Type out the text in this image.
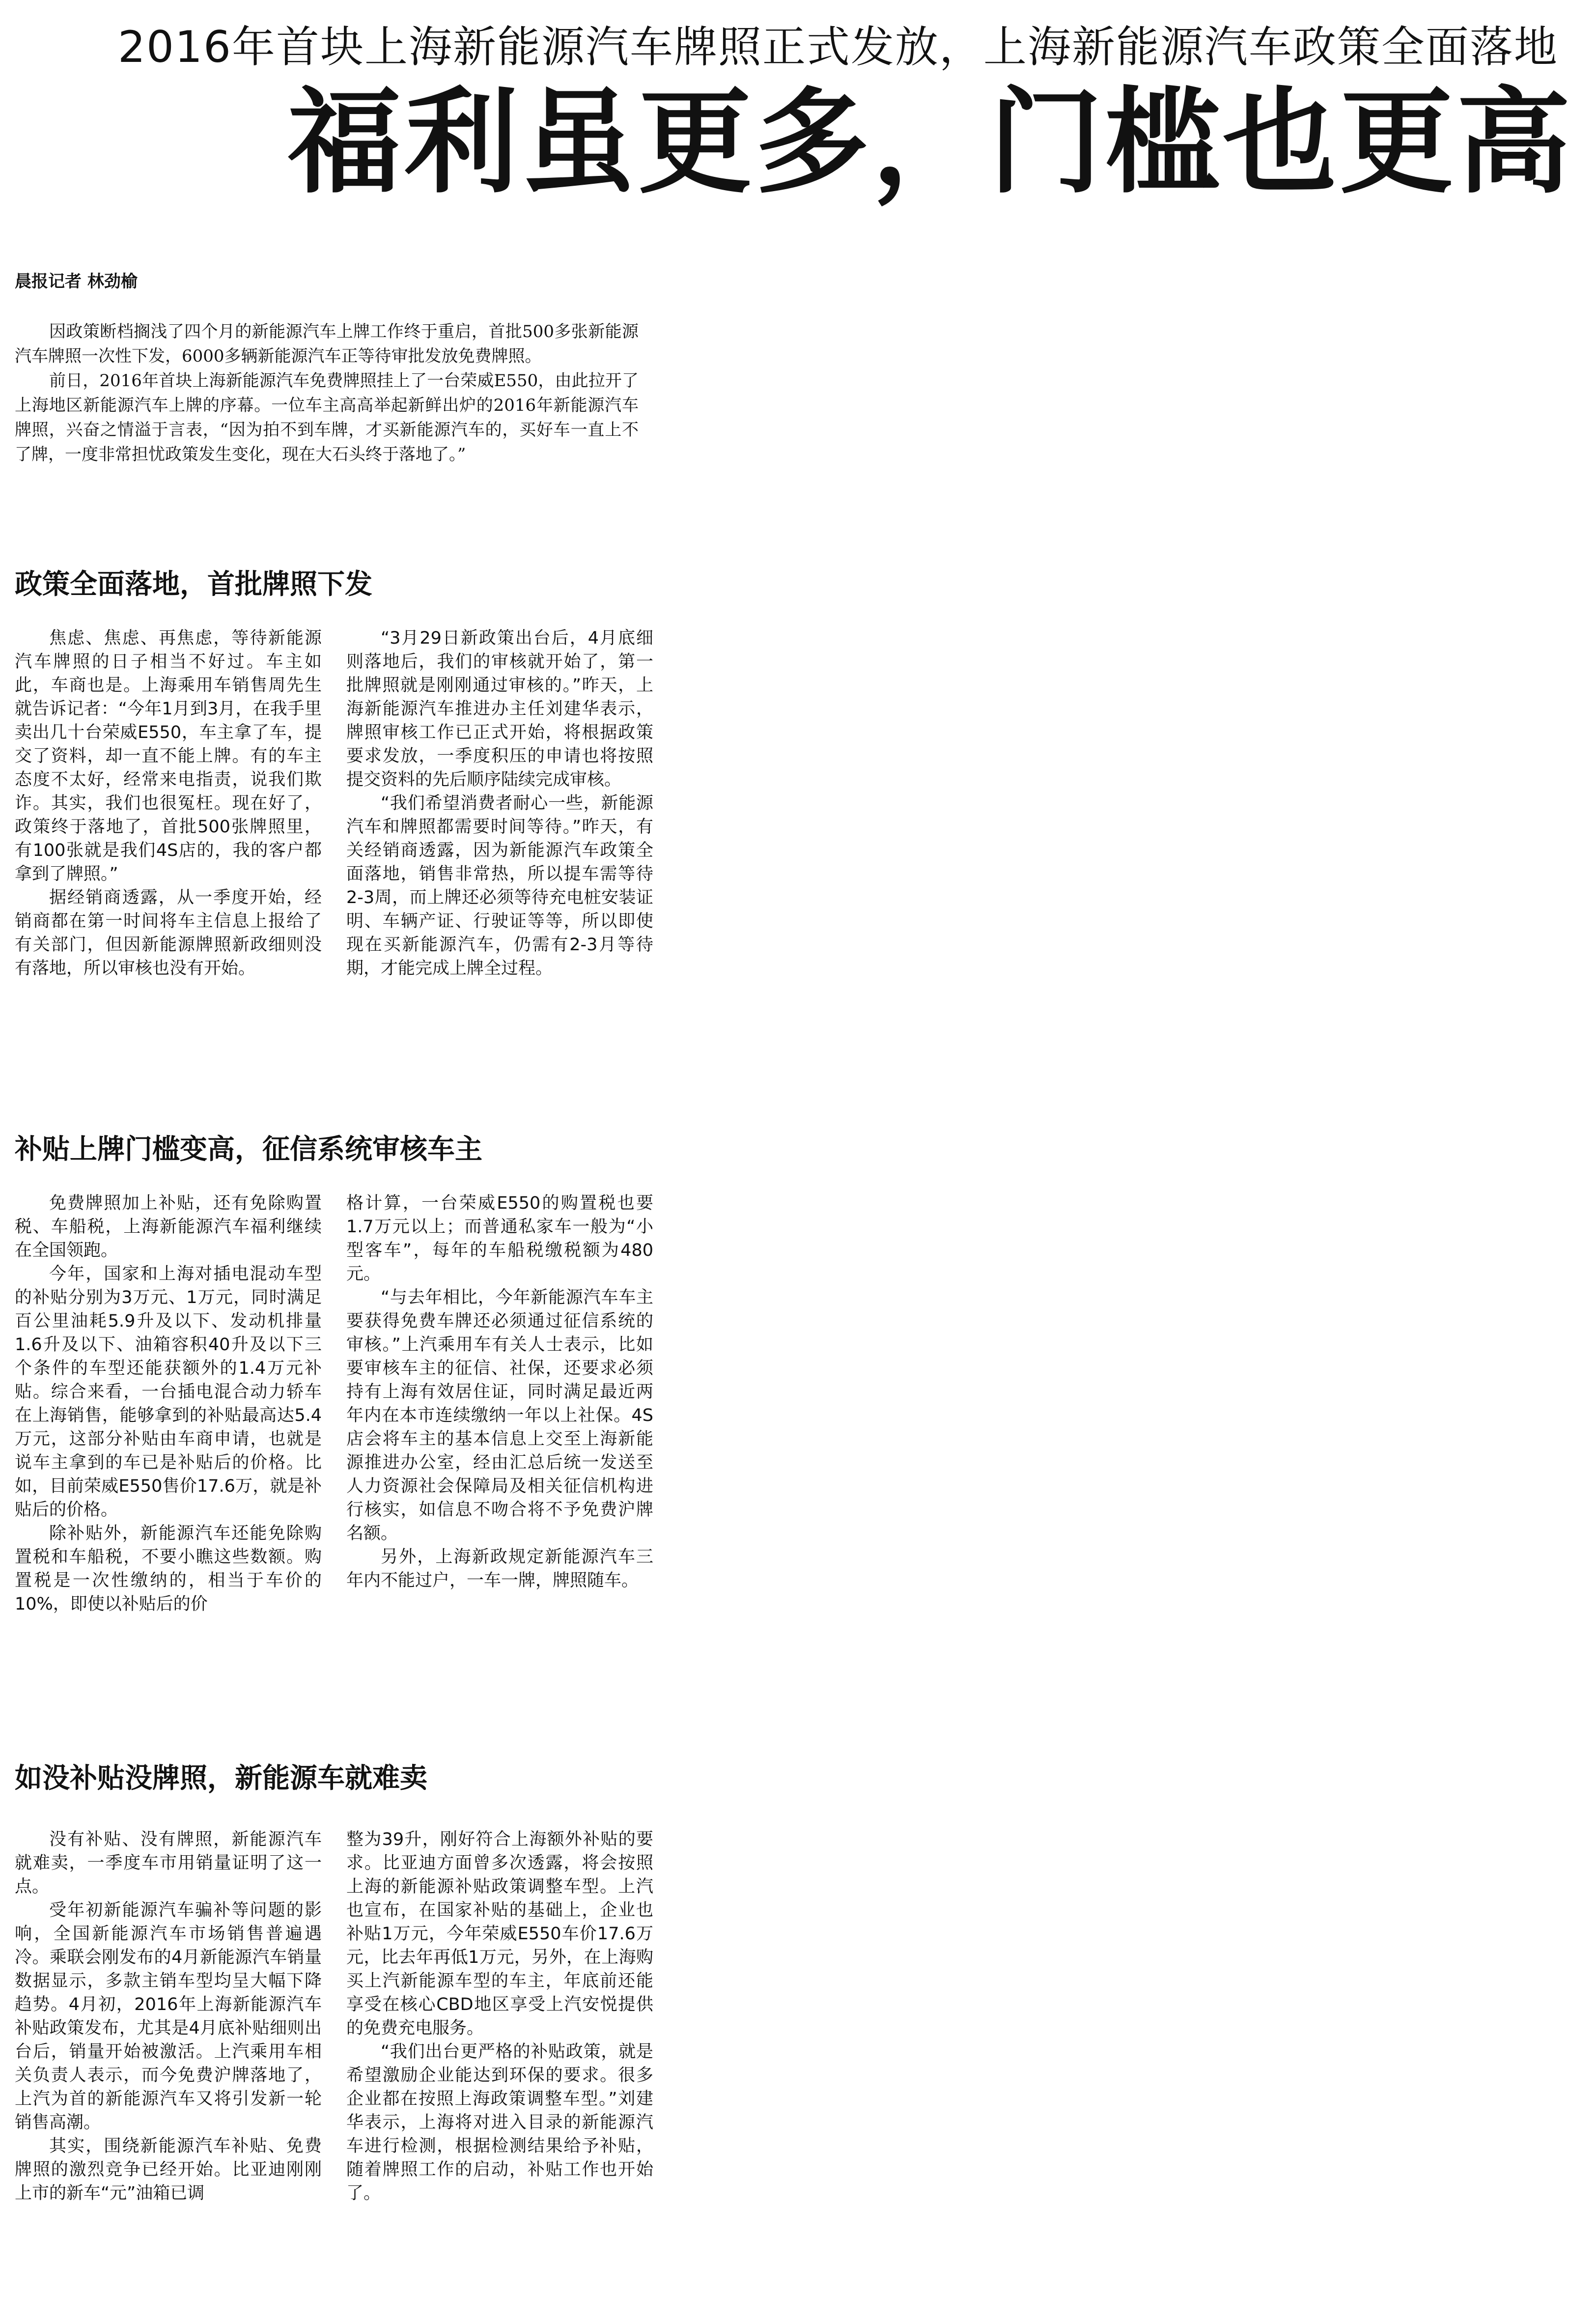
2016年首块上海新能源汽车牌照正式发放，上海新能源汽车政策全面落地
福利虽更多，门槛也更高
晨报记者 林劲榆

因政策断档搁浅了四个月的新能源汽车上牌工作终于重启，首批500多张新能源汽车牌照一次性下发，6000多辆新能源汽车正等待审批发放免费牌照。

前日，2016年首块上海新能源汽车免费牌照挂上了一台荣威E550，由此拉开了上海地区新能源汽车上牌的序幕。一位车主高高举起新鲜出炉的2016年新能源汽车牌照，兴奋之情溢于言表，“因为拍不到车牌，才买新能源汽车的，买好车一直上不了牌，一度非常担忧政策发生变化，现在大石头终于落地了。”

政策全面落地，首批牌照下发

焦虑、焦虑、再焦虑，等待新能源汽车牌照的日子相当不好过。车主如此，车商也是。上海乘用车销售周先生就告诉记者：“今年1月到3月，在我手里卖出几十台荣威E550，车主拿了车，提交了资料，却一直不能上牌。有的车主态度不太好，经常来电指责，说我们欺诈。其实，我们也很冤枉。现在好了，政策终于落地了，首批500张牌照里，有100张就是我们4S店的，我的客户都拿到了牌照。”

据经销商透露，从一季度开始，经销商都在第一时间将车主信息上报给了有关部门，但因新能源牌照新政细则没有落地，所以审核也没有开始。

“3月29日新政策出台后，4月底细则落地后，我们的审核就开始了，第一批牌照就是刚刚通过审核的。”昨天，上海新能源汽车推进办主任刘建华表示，牌照审核工作已正式开始，将根据政策要求发放，一季度积压的申请也将按照提交资料的先后顺序陆续完成审核。

“我们希望消费者耐心一些，新能源汽车和牌照都需要时间等待。”昨天，有关经销商透露，因为新能源汽车政策全面落地，销售非常热，所以提车需等待2-3周，而上牌还必须等待充电桩安装证明、车辆产证、行驶证等等，所以即使现在买新能源汽车，仍需有2-3月等待期，才能完成上牌全过程。

补贴上牌门槛变高，征信系统审核车主

免费牌照加上补贴，还有免除购置税、车船税，上海新能源汽车福利继续在全国领跑。

今年，国家和上海对插电混动车型的补贴分别为3万元、1万元，同时满足百公里油耗5.9升及以下、发动机排量1.6升及以下、油箱容积40升及以下三个条件的车型还能获额外的1.4万元补贴。综合来看，一台插电混合动力轿车在上海销售，能够拿到的补贴最高达5.4万元，这部分补贴由车商申请，也就是说车主拿到的车已是补贴后的价格。比如，目前荣威E550售价17.6万，就是补贴后的价格。

除补贴外，新能源汽车还能免除购置税和车船税，不要小瞧这些数额。购置税是一次性缴纳的，相当于车价的10%，即使以补贴后的价

格计算，一台荣威E550的购置税也要1.7万元以上；而普通私家车一般为“小型客车”，每年的车船税缴税额为480元。

“与去年相比，今年新能源汽车车主要获得免费车牌还必须通过征信系统的审核。”上汽乘用车有关人士表示，比如要审核车主的征信、社保，还要求必须持有上海有效居住证，同时满足最近两年内在本市连续缴纳一年以上社保。4S店会将车主的基本信息上交至上海新能源推进办公室，经由汇总后统一发送至人力资源社会保障局及相关征信机构进行核实，如信息不吻合将不予免费沪牌名额。

另外，上海新政规定新能源汽车三年内不能过户，一车一牌，牌照随车。

如没补贴没牌照，新能源车就难卖

没有补贴、没有牌照，新能源汽车就难卖，一季度车市用销量证明了这一点。

受年初新能源汽车骗补等问题的影响，全国新能源汽车市场销售普遍遇冷。乘联会刚发布的4月新能源汽车销量数据显示，多款主销车型均呈大幅下降趋势。4月初，2016年上海新能源汽车补贴政策发布，尤其是4月底补贴细则出台后，销量开始被激活。上汽乘用车相关负责人表示，而今免费沪牌落地了，上汽为首的新能源汽车又将引发新一轮销售高潮。

其实，围绕新能源汽车补贴、免费牌照的激烈竞争已经开始。比亚迪刚刚上市的新车“元”油箱已调

整为39升，刚好符合上海额外补贴的要求。比亚迪方面曾多次透露，将会按照上海的新能源补贴政策调整车型。上汽也宣布，在国家补贴的基础上，企业也补贴1万元，今年荣威E550车价17.6万元，比去年再低1万元，另外，在上海购买上汽新能源车型的车主，年底前还能享受在核心CBD地区享受上汽安悦提供的免费充电服务。

“我们出台更严格的补贴政策，就是希望激励企业能达到环保的要求。很多企业都在按照上海政策调整车型。”刘建华表示，上海将对进入目录的新能源汽车进行检测，根据检测结果给予补贴，随着牌照工作的启动，补贴工作也开始了。
